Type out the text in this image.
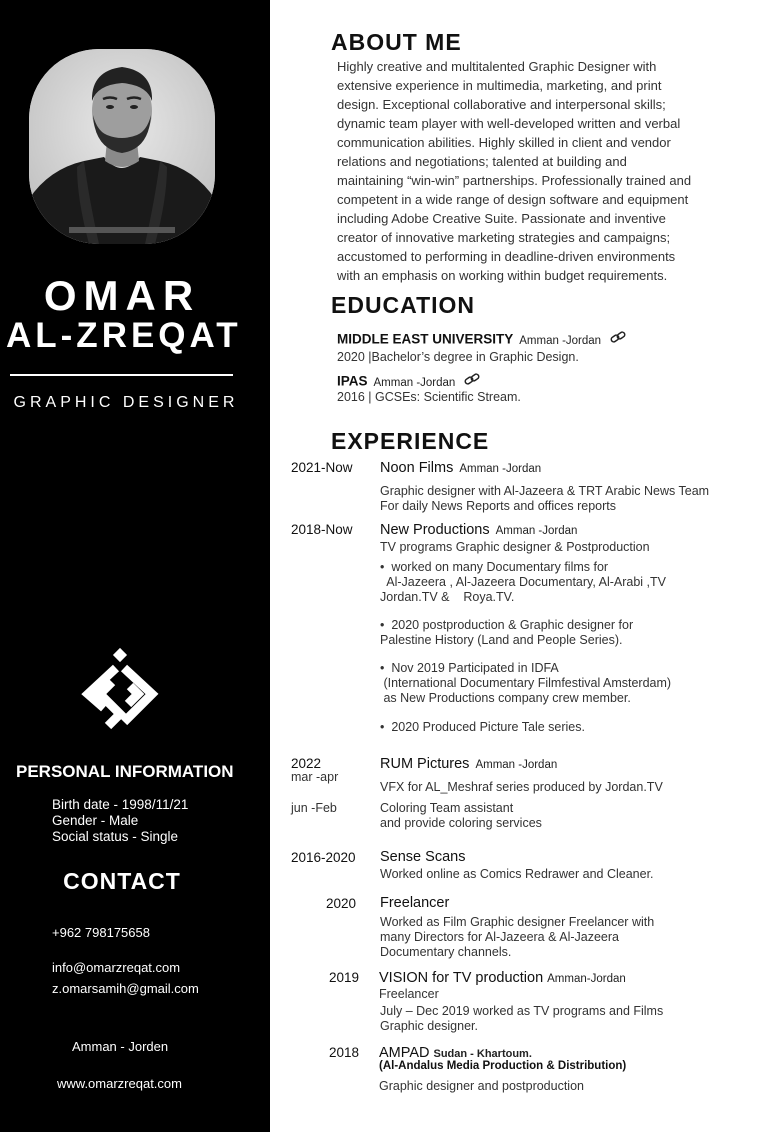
OMAR
AL-ZREQAT
GRAPHIC DESIGNER
PERSONAL INFORMATION
Birth date - 1998/11/21
Gender - Male
Social status - Single
CONTACT
+962 798175658
info@omarzreqat.com
z.omarsamih@gmail.com
Amman - Jorden
www.omarzreqat.com
ABOUT ME
Highly creative and multitalented Graphic Designer with
extensive experience in multimedia, marketing, and print
design. Exceptional collaborative and interpersonal skills;
dynamic team player with well-developed written and verbal
communication abilities. Highly skilled in client and vendor
relations and negotiations; talented at building and
maintaining “win-win” partnerships. Professionally trained and
competent in a wide range of design software and equipment
including Adobe Creative Suite. Passionate and inventive
creator of innovative marketing strategies and campaigns;
accustomed to performing in deadline-driven environments
with an emphasis on working within budget requirements.
EDUCATION
MIDDLE EAST UNIVERSITY Amman -Jordan
2020 |Bachelor’s degree in Graphic Design.
IPAS Amman -Jordan
2016 | GCSEs: Scientific Stream.
EXPERIENCE
2021-Now Noon Films Amman -Jordan
Graphic designer with Al-Jazeera & TRT Arabic News Team
For daily News Reports and offices reports
2018-Now New Productions Amman -Jordan
TV programs Graphic designer & Postproduction
•  worked on many Documentary films for
Al-Jazeera , Al-Jazeera Documentary, Al-Arabi ,TV
Jordan.TV &    Roya.TV.
•  2020 postproduction & Graphic designer for
Palestine History (Land and People Series).
•  Nov 2019 Participated in IDFA
(International Documentary Filmfestival Amsterdam)
as New Productions company crew member.
•  2020 Produced Picture Tale series.
2022
mar -apr
RUM Pictures Amman -Jordan
VFX for AL_Meshraf series produced by Jordan.TV
jun -Feb	Coloring Team assistant
and provide coloring services
2016-2020 Sense Scans
Worked online as Comics Redrawer and Cleaner.
2020 Freelancer
Worked as Film Graphic designer Freelancer with
many Directors for Al-Jazeera & Al-Jazeera
Documentary channels.
2019 VISION for TV production Amman-Jordan
Freelancer
July – Dec 2019 worked as TV programs and Films
Graphic designer.
2018 AMPAD Sudan - Khartoum.
(Al-Andalus Media Production & Distribution)
Graphic designer and postproduction
